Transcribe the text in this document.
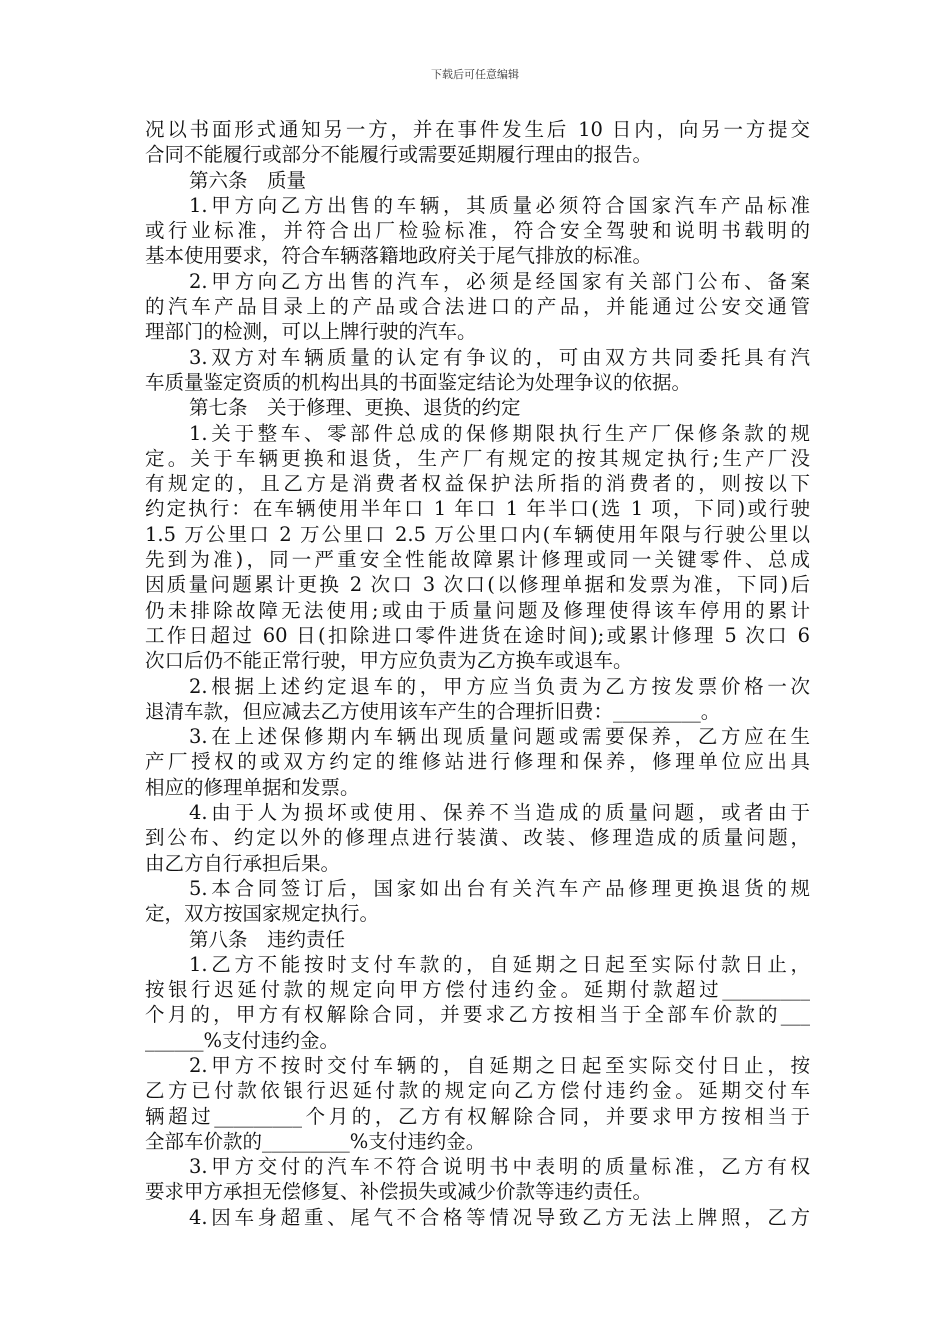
下载后可任意编辑
况以书面形式通知另一方，并在事件发生后 10 日内，向另一方提交
合同不能履行或部分不能履行或需要延期履行理由的报告。
第六条　质量
1.甲方向乙方出售的车辆，其质量必须符合国家汽车产品标准
或行业标准，并符合出厂检验标准，符合安全驾驶和说明书载明的
基本使用要求，符合车辆落籍地政府关于尾气排放的标准。
2.甲方向乙方出售的汽车，必须是经国家有关部门公布、备案
的汽车产品目录上的产品或合法进口的产品，并能通过公安交通管
理部门的检测，可以上牌行驶的汽车。
3.双方对车辆质量的认定有争议的，可由双方共同委托具有汽
车质量鉴定资质的机构出具的书面鉴定结论为处理争议的依据。
第七条　关于修理、更换、退货的约定
1.关于整车、零部件总成的保修期限执行生产厂保修条款的规
定。关于车辆更换和退货，生产厂有规定的按其规定执行;生产厂没
有规定的，且乙方是消费者权益保护法所指的消费者的，则按以下
约定执行：在车辆使用半年口 1 年口 1 年半口(选 1 项，下同)或行驶
1.5 万公里口 2 万公里口 2.5 万公里口内(车辆使用年限与行驶公里以
先到为准)，同一严重安全性能故障累计修理或同一关键零件、总成
因质量问题累计更换 2 次口 3 次口(以修理单据和发票为准，下同)后
仍未排除故障无法使用;或由于质量问题及修理使得该车停用的累计
工作日超过 60 日(扣除进口零件进货在途时间);或累计修理 5 次口 6
次口后仍不能正常行驶，甲方应负责为乙方换车或退车。
2.根据上述约定退车的，甲方应当负责为乙方按发票价格一次
退清车款，但应减去乙方使用该车产生的合理折旧费：_________。
3.在上述保修期内车辆出现质量问题或需要保养，乙方应在生
产厂授权的或双方约定的维修站进行修理和保养，修理单位应出具
相应的修理单据和发票。
4.由于人为损坏或使用、保养不当造成的质量问题，或者由于
到公布、约定以外的修理点进行装潢、改装、修理造成的质量问题，
由乙方自行承担后果。
5.本合同签订后，国家如出台有关汽车产品修理更换退货的规
定，双方按国家规定执行。
第八条　违约责任
1.乙方不能按时支付车款的，自延期之日起至实际付款日止，
按银行迟延付款的规定向甲方偿付违约金。延期付款超过_________
个月的，甲方有权解除合同，并要求乙方按相当于全部车价款的___
______%支付违约金。
2.甲方不按时交付车辆的，自延期之日起至实际交付日止，按
乙方已付款依银行迟延付款的规定向乙方偿付违约金。延期交付车
辆超过_________个月的，乙方有权解除合同，并要求甲方按相当于
全部车价款的_________%支付违约金。
3.甲方交付的汽车不符合说明书中表明的质量标准，乙方有权
要求甲方承担无偿修复、补偿损失或减少价款等违约责任。
4.因车身超重、尾气不合格等情况导致乙方无法上牌照，乙方
